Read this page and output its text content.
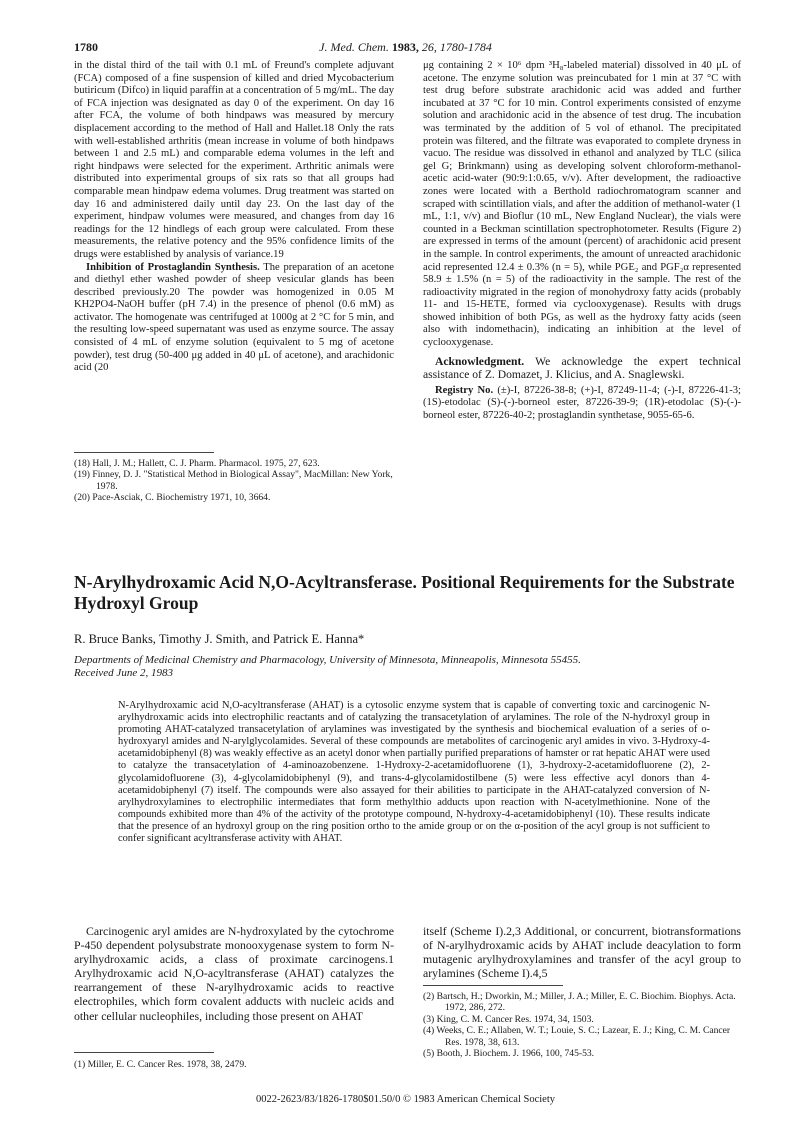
1780	J. Med. Chem. 1983, 26, 1780-1784

in the distal third of the tail with 0.1 mL of Freund's complete adjuvant (FCA) composed of a fine suspension of killed and dried Mycobacterium butiricum (Difco) in liquid paraffin at a concentration of 5 mg/mL. The day of FCA injection was designated as day 0 of the experiment. On day 16 after FCA, the volume of both hindpaws was measured by mercury displacement according to the method of Hall and Hallet.18 Only the rats with well-established arthritis (mean increase in volume of both hindpaws between 1 and 2.5 mL) and comparable edema volumes in the left and right hindpaws were selected for the experiment. Arthritic animals were distributed into experimental groups of six rats so that all groups had comparable mean hindpaw edema volumes. Drug treatment was started on day 16 and administered daily until day 23. On the last day of the experiment, hindpaw volumes were measured, and changes from day 16 readings for the 12 hindlegs of each group were calculated. From these measurements, the relative potency and the 95% confidence limits of the drugs were established by analysis of variance.19

Inhibition of Prostaglandin Synthesis. The preparation of an acetone and diethyl ether washed powder of sheep vesicular glands has been described previously.20 The powder was homogenized in 0.05 M KH2PO4-NaOH buffer (pH 7.4) in the presence of phenol (0.6 mM) as activator. The homogenate was centrifuged at 1000g at 2 °C for 5 min, and the resulting low-speed supernatant was used as enzyme source. The assay consisted of 4 mL of enzyme solution (equivalent to 5 mg of acetone powder), test drug (50-400 μg added in 40 μL of acetone), and arachidonic acid (20

μg containing 2 × 10⁶ dpm ³H₈-labeled material) dissolved in 40 μL of acetone. The enzyme solution was preincubated for 1 min at 37 °C with test drug before substrate arachidonic acid was added and further incubated at 37 °C for 10 min. Control experiments consisted of enzyme solution and arachidonic acid in the absence of test drug. The incubation was terminated by the addition of 5 vol of ethanol. The precipitated protein was filtered, and the filtrate was evaporated to complete dryness in vacuo. The residue was dissolved in ethanol and analyzed by TLC (silica gel G; Brinkmann) using as developing solvent chloroform-methanol-acetic acid-water (90:9:1:0.65, v/v). After development, the radioactive zones were located with a Berthold radiochromatogram scanner and scraped with scintillation vials, and after the addition of methanol-water (1 mL, 1:1, v/v) and Bioflur (10 mL, New England Nuclear), the vials were counted in a Beckman scintillation spectrophotometer. Results (Figure 2) are expressed in terms of the amount (percent) of arachidonic acid present in the sample. In control experiments, the amount of unreacted arachidonic acid represented 12.4 ± 0.3% (n = 5), while PGE₂ and PGF₂α represented 58.9 ± 1.5% (n = 5) of the radioactivity in the sample. The rest of the radioactivity migrated in the region of monohydroxy fatty acids (probably 11- and 15-HETE, formed via cyclooxygenase). Results with drugs showed inhibition of both PGs, as well as the hydroxy fatty acids (seen also with indomethacin), indicating an inhibition at the level of cyclooxygenase.

Acknowledgment. We acknowledge the expert technical assistance of Z. Domazet, J. Klicius, and A. Snaglewski.

Registry No. (±)-I, 87226-38-8; (+)-I, 87249-11-4; (-)-I, 87226-41-3; (1S)-etodolac (S)-(-)-borneol ester, 87226-39-9; (1R)-etodolac (S)-(-)-borneol ester, 87226-40-2; prostaglandin synthetase, 9055-65-6.

(18) Hall, J. M.; Hallett, C. J. Pharm. Pharmacol. 1975, 27, 623.
(19) Finney, D. J. "Statistical Method in Biological Assay", MacMillan: New York, 1978.
(20) Pace-Asciak, C. Biochemistry 1971, 10, 3664.
N-Arylhydroxamic Acid N,O-Acyltransferase. Positional Requirements for the Substrate Hydroxyl Group
R. Bruce Banks, Timothy J. Smith, and Patrick E. Hanna*
Departments of Medicinal Chemistry and Pharmacology, University of Minnesota, Minneapolis, Minnesota 55455.
Received June 2, 1983
N-Arylhydroxamic acid N,O-acyltransferase (AHAT) is a cytosolic enzyme system that is capable of converting toxic and carcinogenic N-arylhydroxamic acids into electrophilic reactants and of catalyzing the transacetylation of arylamines. The role of the N-hydroxyl group in promoting AHAT-catalyzed transacetylation of arylamines was investigated by the synthesis and biochemical evaluation of a series of o-hydroxyaryl amides and N-arylglycolamides. Several of these compounds are metabolites of carcinogenic aryl amides in vivo. 3-Hydroxy-4-acetamidobiphenyl (8) was weakly effective as an acetyl donor when partially purified preparations of hamster or rat hepatic AHAT were used to catalyze the transacetylation of 4-aminoazobenzene. 1-Hydroxy-2-acetamidofluorene (1), 3-hydroxy-2-acetamidofluorene (2), 2-glycolamidofluorene (3), 4-glycolamidobiphenyl (9), and trans-4-glycolamidostilbene (5) were less effective acyl donors than 4-acetamidobiphenyl (7) itself. The compounds were also assayed for their abilities to participate in the AHAT-catalyzed conversion of N-arylhydroxylamines to electrophilic intermediates that form methylthio adducts upon reaction with N-acetylmethionine. None of the compounds exhibited more than 4% of the activity of the prototype compound, N-hydroxy-4-acetamidobiphenyl (10). These results indicate that the presence of an hydroxyl group on the ring position ortho to the amide group or on the α-position of the acyl group is not sufficient to confer significant acyltransferase activity with AHAT.

Carcinogenic aryl amides are N-hydroxylated by the cytochrome P-450 dependent polysubstrate monooxygenase system to form N-arylhydroxamic acids, a class of proximate carcinogens.1 Arylhydroxamic acid N,O-acyltransferase (AHAT) catalyzes the rearrangement of these N-arylhydroxamic acids to reactive electrophiles, which form covalent adducts with nucleic acids and other cellular nucleophiles, including those present on AHAT

itself (Scheme I).2,3 Additional, or concurrent, biotransformations of N-arylhydroxamic acids by AHAT include deacylation to form mutagenic arylhydroxylamines and transfer of the acyl group to arylamines (Scheme I).4,5

(1) Miller, E. C. Cancer Res. 1978, 38, 2479.
(2) Bartsch, H.; Dworkin, M.; Miller, J. A.; Miller, E. C. Biochim. Biophys. Acta. 1972, 286, 272.
(3) King, C. M. Cancer Res. 1974, 34, 1503.
(4) Weeks, C. E.; Allaben, W. T.; Louie, S. C.; Lazear, E. J.; King, C. M. Cancer Res. 1978, 38, 613.
(5) Booth, J. Biochem. J. 1966, 100, 745-53.
0022-2623/83/1826-1780$01.50/0 © 1983 American Chemical Society
